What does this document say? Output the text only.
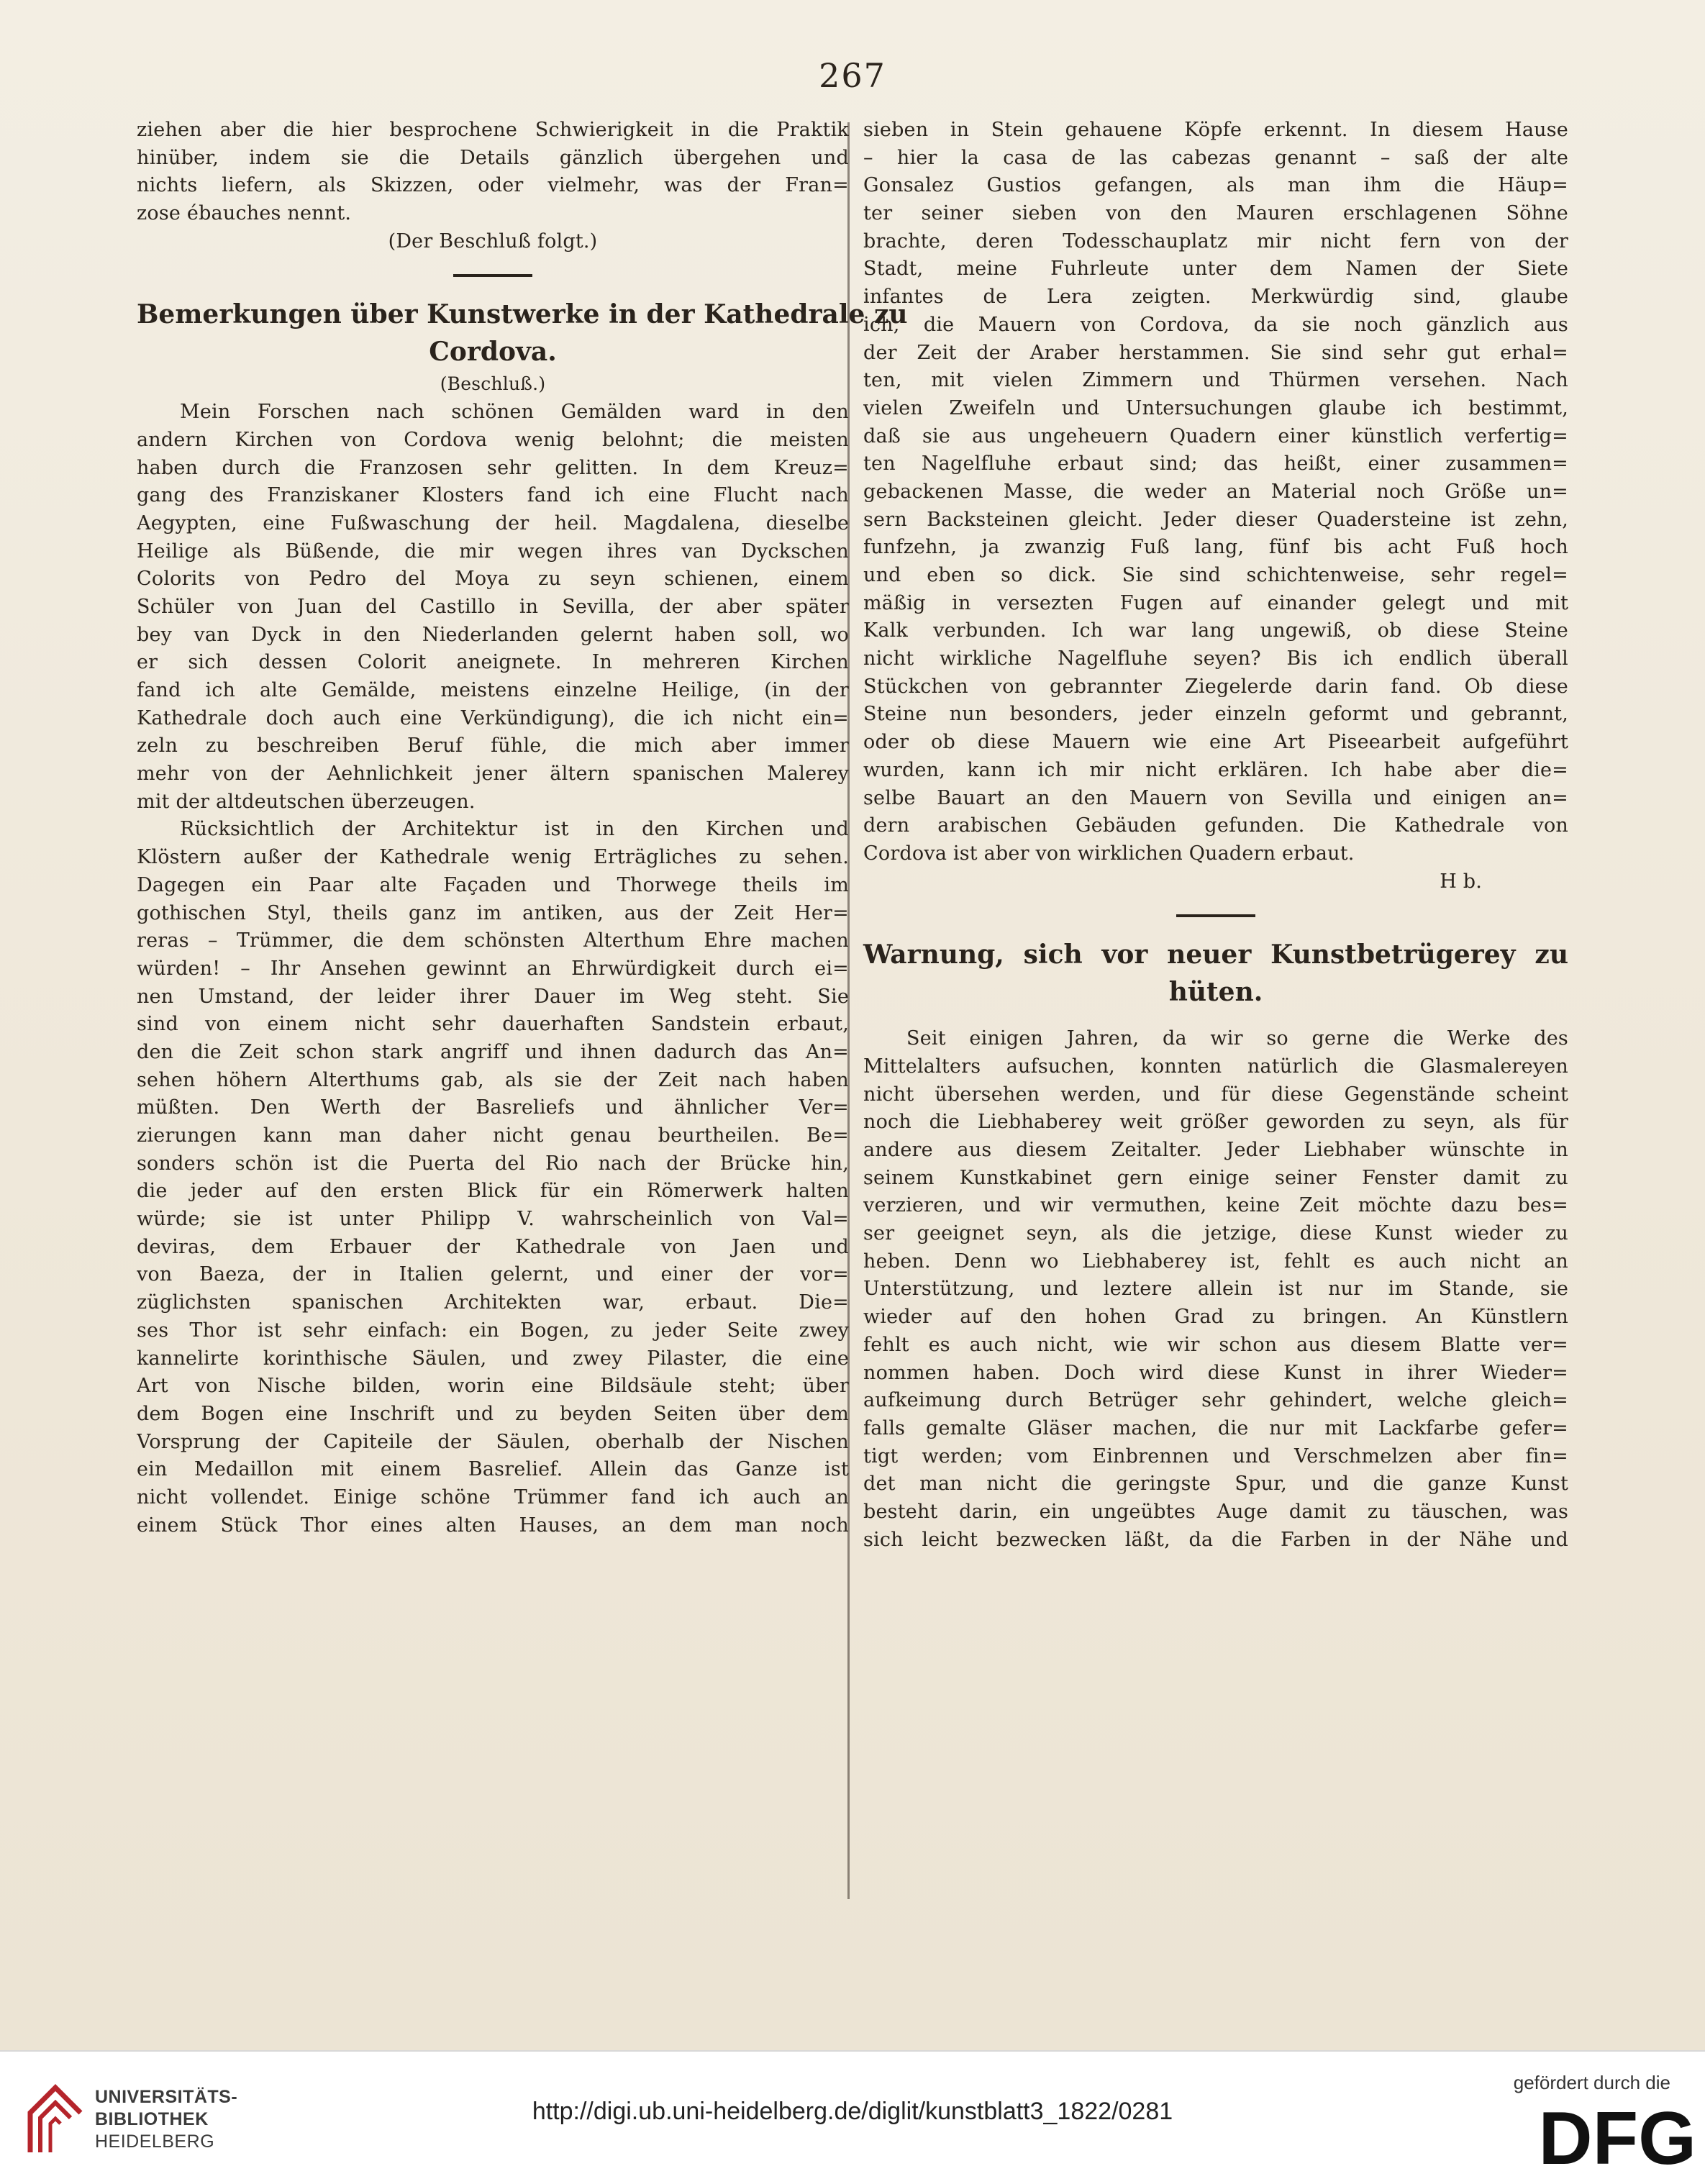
267
ziehen aber die hier besprochene Schwierigkeit in die Praktik
hinüber, indem sie die Details gänzlich übergehen und
nichts liefern, als Skizzen, oder vielmehr, was der Fran=
zose ébauches nennt.
(Der Beschluß folgt.)
Bemerkungen über Kunstwerke in der Kathedrale zu
Cordova.
(Beschluß.)
Mein Forschen nach schönen Gemälden ward in den
andern Kirchen von Cordova wenig belohnt; die meisten
haben durch die Franzosen sehr gelitten. In dem Kreuz=
gang des Franziskaner Klosters fand ich eine Flucht nach
Aegypten, eine Fußwaschung der heil. Magdalena, dieselbe
Heilige als Büßende, die mir wegen ihres van Dyckschen
Colorits von Pedro del Moya zu seyn schienen, einem
Schüler von Juan del Castillo in Sevilla, der aber später
bey van Dyck in den Niederlanden gelernt haben soll, wo
er sich dessen Colorit aneignete. In mehreren Kirchen
fand ich alte Gemälde, meistens einzelne Heilige, (in der
Kathedrale doch auch eine Verkündigung), die ich nicht ein=
zeln zu beschreiben Beruf fühle, die mich aber immer
mehr von der Aehnlichkeit jener ältern spanischen Malerey
mit der altdeutschen überzeugen.
Rücksichtlich der Architektur ist in den Kirchen und
Klöstern außer der Kathedrale wenig Erträgliches zu sehen.
Dagegen ein Paar alte Façaden und Thorwege theils im
gothischen Styl, theils ganz im antiken, aus der Zeit Her=
reras – Trümmer, die dem schönsten Alterthum Ehre machen
würden! – Ihr Ansehen gewinnt an Ehrwürdigkeit durch ei=
nen Umstand, der leider ihrer Dauer im Weg steht. Sie
sind von einem nicht sehr dauerhaften Sandstein erbaut,
den die Zeit schon stark angriff und ihnen dadurch das An=
sehen höhern Alterthums gab, als sie der Zeit nach haben
müßten. Den Werth der Basreliefs und ähnlicher Ver=
zierungen kann man daher nicht genau beurtheilen. Be=
sonders schön ist die Puerta del Rio nach der Brücke hin,
die jeder auf den ersten Blick für ein Römerwerk halten
würde; sie ist unter Philipp V. wahrscheinlich von Val=
deviras, dem Erbauer der Kathedrale von Jaen und
von Baeza, der in Italien gelernt, und einer der vor=
züglichsten spanischen Architekten war, erbaut. Die=
ses Thor ist sehr einfach: ein Bogen, zu jeder Seite zwey
kannelirte korinthische Säulen, und zwey Pilaster, die eine
Art von Nische bilden, worin eine Bildsäule steht; über
dem Bogen eine Inschrift und zu beyden Seiten über dem
Vorsprung der Capiteile der Säulen, oberhalb der Nischen
ein Medaillon mit einem Basrelief. Allein das Ganze ist
nicht vollendet. Einige schöne Trümmer fand ich auch an
einem Stück Thor eines alten Hauses, an dem man noch
sieben in Stein gehauene Köpfe erkennt. In diesem Hause
– hier la casa de las cabezas genannt – saß der alte
Gonsalez Gustios gefangen, als man ihm die Häup=
ter seiner sieben von den Mauren erschlagenen Söhne
brachte, deren Todesschauplatz mir nicht fern von der
Stadt, meine Fuhrleute unter dem Namen der Siete
infantes de Lera zeigten. Merkwürdig sind, glaube
ich, die Mauern von Cordova, da sie noch gänzlich aus
der Zeit der Araber herstammen. Sie sind sehr gut erhal=
ten, mit vielen Zimmern und Thürmen versehen. Nach
vielen Zweifeln und Untersuchungen glaube ich bestimmt,
daß sie aus ungeheuern Quadern einer künstlich verfertig=
ten Nagelfluhe erbaut sind; das heißt, einer zusammen=
gebackenen Masse, die weder an Material noch Größe un=
sern Backsteinen gleicht. Jeder dieser Quadersteine ist zehn,
funfzehn, ja zwanzig Fuß lang, fünf bis acht Fuß hoch
und eben so dick. Sie sind schichtenweise, sehr regel=
mäßig in versezten Fugen auf einander gelegt und mit
Kalk verbunden. Ich war lang ungewiß, ob diese Steine
nicht wirkliche Nagelfluhe seyen? Bis ich endlich überall
Stückchen von gebrannter Ziegelerde darin fand. Ob diese
Steine nun besonders, jeder einzeln geformt und gebrannt,
oder ob diese Mauern wie eine Art Piseearbeit aufgeführt
wurden, kann ich mir nicht erklären. Ich habe aber die=
selbe Bauart an den Mauern von Sevilla und einigen an=
dern arabischen Gebäuden gefunden. Die Kathedrale von
Cordova ist aber von wirklichen Quadern erbaut.
H b.
Warnung, sich vor neuer Kunstbetrügerey zu
hüten.
Seit einigen Jahren, da wir so gerne die Werke des
Mittelalters aufsuchen, konnten natürlich die Glasmalereyen
nicht übersehen werden, und für diese Gegenstände scheint
noch die Liebhaberey weit größer geworden zu seyn, als für
andere aus diesem Zeitalter. Jeder Liebhaber wünschte in
seinem Kunstkabinet gern einige seiner Fenster damit zu
verzieren, und wir vermuthen, keine Zeit möchte dazu bes=
ser geeignet seyn, als die jetzige, diese Kunst wieder zu
heben. Denn wo Liebhaberey ist, fehlt es auch nicht an
Unterstützung, und leztere allein ist nur im Stande, sie
wieder auf den hohen Grad zu bringen. An Künstlern
fehlt es auch nicht, wie wir schon aus diesem Blatte ver=
nommen haben. Doch wird diese Kunst in ihrer Wieder=
aufkeimung durch Betrüger sehr gehindert, welche gleich=
falls gemalte Gläser machen, die nur mit Lackfarbe gefer=
tigt werden; vom Einbrennen und Verschmelzen aber fin=
det man nicht die geringste Spur, und die ganze Kunst
besteht darin, ein ungeübtes Auge damit zu täuschen, was
sich leicht bezwecken läßt, da die Farben in der Nähe und
UNIVERSITÄTS-
BIBLIOTHEK
HEIDELBERG
http://digi.ub.uni-heidelberg.de/diglit/kunstblatt3_1822/0281
gefördert durch die
DFG
